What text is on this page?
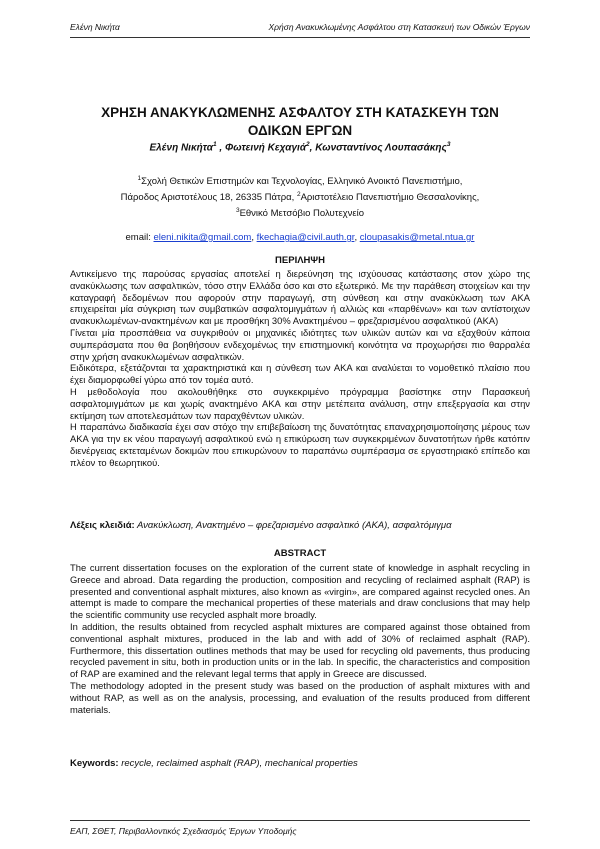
Ελένη Νικήτα	Χρήση Ανακυκλωμένης Ασφάλτου στη Κατασκευή των Οδικών Έργων
ΧΡΗΣΗ ΑΝΑΚΥΚΛΩΜΕΝΗΣ ΑΣΦΑΛΤΟΥ ΣΤΗ ΚΑΤΑΣΚΕΥΗ ΤΩΝ
ΟΔΙΚΩΝ ΕΡΓΩΝ
Ελένη Νικήτα$^1$ , Φωτεινή Κεχαγιά$^2$, Κωνσταντίνος Λουπασάκης$^3$
$^1$Σχολή Θετικών Επιστημών και Τεχνολογίας, Ελληνικό Ανοικτό Πανεπιστήμιο,
Πάροδος Αριστοτέλους 18, 26335 Πάτρα, $^2$Αριστοτέλειο Πανεπιστήμιο Θεσσαλονίκης,
$^3$Εθνικό Μετσόβιο Πολυτεχνείο
email: eleni.nikita@gmail.com, fkechagia@civil.auth.gr, cloupasakis@metal.ntua.gr
ΠΕΡΙΛΗΨΗ

Αντικείμενο της παρούσας εργασίας αποτελεί η διερεύνηση της ισχύουσας κατάστασης στον χώρο της ανακύκλωσης των ασφαλτικών, τόσο στην Ελλάδα όσο και στο εξωτερικό. Με την παράθεση στοιχείων και την καταγραφή δεδομένων που αφορούν στην παραγωγή, στη σύνθεση και στην ανακύκλωση των ΑΚΑ επιχειρείται μία σύγκριση των συμβατικών ασφαλτομιγμάτων ή αλλιώς και «παρθένων» και των αντίστοιχων ανακυκλωμένων-ανακτημένων και με προσθήκη 30% Ανακτημένου – φρεζαρισμένου ασφαλτικού (ΑΚΑ)

Γίνεται μία προσπάθεια να συγκριθούν οι μηχανικές ιδιότητες των υλικών αυτών και να εξαχθούν κάποια συμπεράσματα που θα βοηθήσουν ενδεχομένως την επιστημονική κοινότητα να προχωρήσει πιο θαρραλέα στην χρήση ανακυκλωμένων ασφαλτικών.

Ειδικότερα, εξετάζονται τα χαρακτηριστικά και η σύνθεση των ΑΚΑ και αναλύεται το νομοθετικό πλαίσιο που έχει διαμορφωθεί γύρω από τον τομέα αυτό.

Η μεθοδολογία που ακολουθήθηκε στο συγκεκριμένο πρόγραμμα βασίστηκε στην Παρασκευή ασφαλτομιγμάτων με και χωρίς ανακτημένο ΑΚΑ και στην μετέπειτα ανάλυση, στην επεξεργασία και στην εκτίμηση των αποτελεσμάτων των παραχθέντων υλικών.

Η παραπάνω διαδικασία έχει σαν στόχο την επιβεβαίωση της δυνατότητας επαναχρησιμοποίησης μέρους των ΑΚΑ για την εκ νέου παραγωγή ασφαλτικού ενώ η επικύρωση των συγκεκριμένων δυνατοτήτων ήρθε κατόπιν διενέργειας εκτεταμένων δοκιμών που επικυρώνουν το παραπάνω συμπέρασμα σε εργαστηριακό επίπεδο και πλέον το θεωρητικού.

Λέξεις κλειδιά: Ανακύκλωση, Ανακτημένο – φρεζαρισμένο ασφαλτικό (ΑΚΑ), ασφαλτόμιγμα
ABSTRACT

The current dissertation focuses on the exploration of the current state of knowledge in asphalt recycling in Greece and abroad. Data regarding the production, composition and recycling of reclaimed asphalt (RAP) is presented and conventional asphalt mixtures, also known as «virgin», are compared against recycled ones. An attempt is made to compare the mechanical properties of these materials and draw conclusions that may help the scientific community use recycled asphalt more broadly.

In addition, the results obtained from recycled asphalt mixtures are compared against those obtained from conventional asphalt mixtures, produced in the lab and with add of 30% of reclaimed asphalt (RAP). Furthermore, this dissertation outlines methods that may be used for recycling old pavements, thus producing recycled pavement in situ, both in production units or in the lab. In specific, the characteristics and composition of RAP are examined and the relevant legal terms that apply in Greece are discussed.

The methodology adopted in the present study was based on the production of asphalt mixtures with and without RAP, as well as on the analysis, processing, and evaluation of the results produced from different materials.

Keywords: recycle, reclaimed asphalt (RAP), mechanical properties
ΕΑΠ, ΣΘΕΤ, Περιβαλλοντικός Σχεδιασμός Έργων Υποδομής
